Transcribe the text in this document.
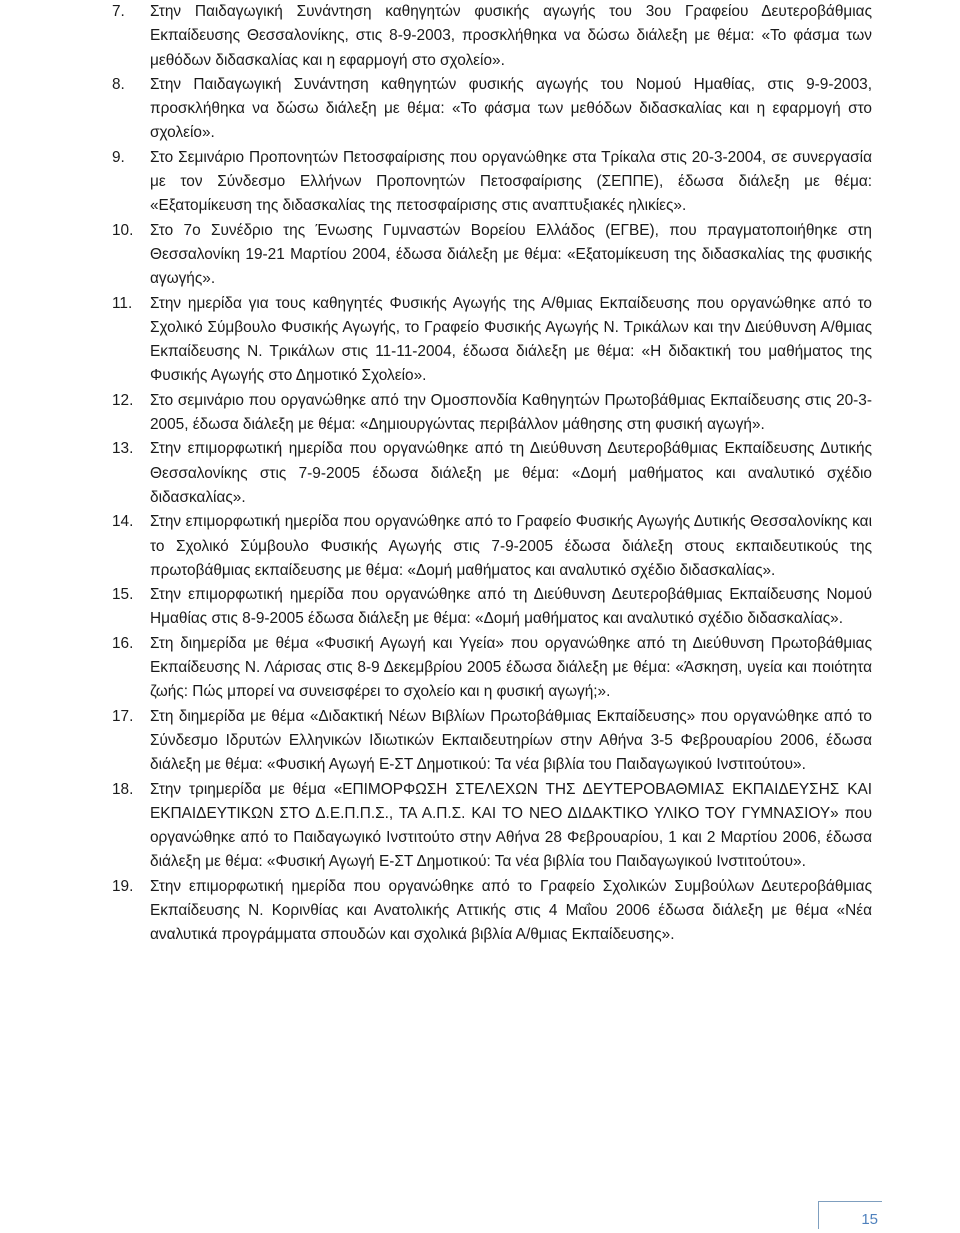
7.	Στην Παιδαγωγική Συνάντηση καθηγητών φυσικής αγωγής του 3ου Γραφείου Δευτεροβάθμιας Εκπαίδευσης Θεσσαλονίκης, στις 8-9-2003, προσκλήθηκα να δώσω διάλεξη με θέμα: «Το φάσμα των μεθόδων διδασκαλίας και η εφαρμογή στο σχολείο».
8.	Στην Παιδαγωγική Συνάντηση καθηγητών φυσικής αγωγής του Νομού Ημαθίας, στις 9-9-2003, προσκλήθηκα να δώσω διάλεξη με θέμα: «Το φάσμα των μεθόδων διδασκαλίας και η εφαρμογή στο σχολείο».
9.	Στο Σεμινάριο Προπονητών Πετοσφαίρισης που οργανώθηκε στα Τρίκαλα στις 20-3-2004, σε συνεργασία με τον Σύνδεσμο Ελλήνων Προπονητών Πετοσφαίρισης (ΣΕΠΠΕ), έδωσα διάλεξη με θέμα: «Εξατομίκευση της διδασκαλίας της πετοσφαίρισης στις αναπτυξιακές ηλικίες».
10.	Στο 7ο Συνέδριο της Ένωσης Γυμναστών Βορείου Ελλάδος (ΕΓΒΕ), που πραγματοποιήθηκε στη Θεσσαλονίκη 19-21 Μαρτίου 2004, έδωσα διάλεξη με θέμα: «Εξατομίκευση της διδασκαλίας της φυσικής αγωγής».
11.	Στην ημερίδα για τους καθηγητές Φυσικής Αγωγής της Α/θμιας Εκπαίδευσης που οργανώθηκε από το Σχολικό Σύμβουλο Φυσικής Αγωγής, το Γραφείο Φυσικής Αγωγής Ν. Τρικάλων και την Διεύθυνση Α/θμιας Εκπαίδευσης Ν. Τρικάλων στις 11-11-2004, έδωσα διάλεξη με θέμα: «Η διδακτική του μαθήματος της Φυσικής Αγωγής στο Δημοτικό Σχολείο».
12.	Στο σεμινάριο που οργανώθηκε από την Ομοσπονδία Καθηγητών Πρωτοβάθμιας Εκπαίδευσης στις 20-3-2005, έδωσα διάλεξη με θέμα: «Δημιουργώντας περιβάλλον μάθησης στη φυσική αγωγή».
13.	Στην επιμορφωτική ημερίδα που οργανώθηκε από τη Διεύθυνση Δευτεροβάθμιας Εκπαίδευσης Δυτικής Θεσσαλονίκης στις 7-9-2005 έδωσα διάλεξη με θέμα: «Δομή μαθήματος και αναλυτικό σχέδιο διδασκαλίας».
14.	Στην επιμορφωτική ημερίδα που οργανώθηκε από το Γραφείο Φυσικής Αγωγής Δυτικής Θεσσαλονίκης και το Σχολικό Σύμβουλο Φυσικής Αγωγής στις 7-9-2005 έδωσα διάλεξη στους εκπαιδευτικούς της πρωτοβάθμιας εκπαίδευσης με θέμα: «Δομή μαθήματος και αναλυτικό σχέδιο διδασκαλίας».
15.	Στην επιμορφωτική ημερίδα που οργανώθηκε από τη Διεύθυνση Δευτεροβάθμιας Εκπαίδευσης Νομού Ημαθίας στις 8-9-2005 έδωσα διάλεξη με θέμα: «Δομή μαθήματος και αναλυτικό σχέδιο διδασκαλίας».
16.	Στη διημερίδα με θέμα «Φυσική Αγωγή και Υγεία» που οργανώθηκε από τη Διεύθυνση Πρωτοβάθμιας Εκπαίδευσης Ν. Λάρισας στις 8-9 Δεκεμβρίου 2005 έδωσα διάλεξη με θέμα: «Άσκηση, υγεία και ποιότητα ζωής: Πώς μπορεί να συνεισφέρει το σχολείο και η φυσική αγωγή;».
17.	Στη διημερίδα με θέμα «Διδακτική Νέων Βιβλίων Πρωτοβάθμιας Εκπαίδευσης» που οργανώθηκε από το Σύνδεσμο Ιδρυτών Ελληνικών Ιδιωτικών Εκπαιδευτηρίων στην Αθήνα 3-5 Φεβρουαρίου 2006, έδωσα διάλεξη με θέμα: «Φυσική Αγωγή Ε-ΣΤ Δημοτικού: Τα νέα βιβλία του Παιδαγωγικού Ινστιτούτου».
18.	Στην τριημερίδα με θέμα «ΕΠΙΜΟΡΦΩΣΗ ΣΤΕΛΕΧΩΝ ΤΗΣ ΔΕΥΤΕΡΟΒΑΘΜΙΑΣ ΕΚΠΑΙΔΕΥΣΗΣ ΚΑΙ ΕΚΠΑΙΔΕΥΤΙΚΩΝ ΣΤΟ Δ.Ε.Π.Π.Σ., ΤΑ Α.Π.Σ. ΚΑΙ ΤΟ ΝΕΟ ΔΙΔΑΚΤΙΚΟ ΥΛΙΚΟ ΤΟΥ ΓΥΜΝΑΣΙΟΥ» που οργανώθηκε από το Παιδαγωγικό Ινστιτούτο στην Αθήνα 28 Φεβρουαρίου, 1 και 2 Μαρτίου 2006, έδωσα διάλεξη με θέμα: «Φυσική Αγωγή Ε-ΣΤ Δημοτικού: Τα νέα βιβλία του Παιδαγωγικού Ινστιτούτου».
19.	Στην επιμορφωτική ημερίδα που οργανώθηκε από το Γραφείο Σχολικών Συμβούλων Δευτεροβάθμιας Εκπαίδευσης Ν. Κορινθίας και Ανατολικής Αττικής στις 4 Μαΐου 2006 έδωσα διάλεξη με θέμα «Νέα αναλυτικά προγράμματα σπουδών και σχολικά βιβλία Α/θμιας Εκπαίδευσης».
15
